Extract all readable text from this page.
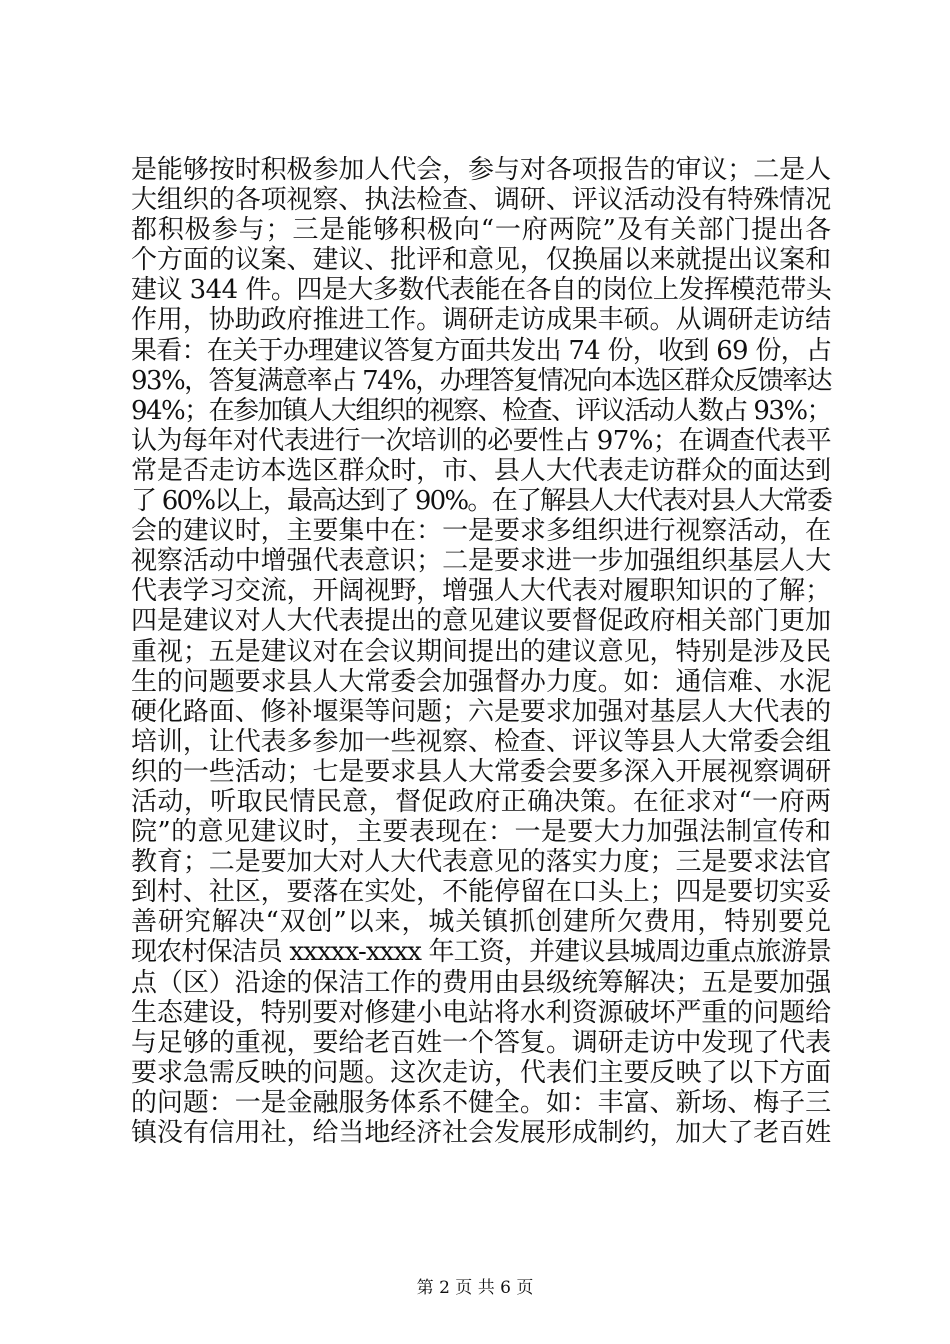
是能够按时积极参加人代会，参与对各项报告的审议；二是人
大组织的各项视察、执法检查、调研、评议活动没有特殊情况
都积极参与；三是能够积极向“一府两院”及有关部门提出各
个方面的议案、建议、批评和意见，仅换届以来就提出议案和
建议 344 件。四是大多数代表能在各自的岗位上发挥模范带头
作用，协助政府推进工作。调研走访成果丰硕。从调研走访结
果看：在关于办理建议答复方面共发出 74 份，收到 69 份，占
93%，答复满意率占 74%，办理答复情况向本选区群众反馈率达
94%；在参加镇人大组织的视察、检查、评议活动人数占 93%；
认为每年对代表进行一次培训的必要性占 97%；在调查代表平
常是否走访本选区群众时，市、县人大代表走访群众的面达到
了 60%以上，最高达到了 90%。在了解县人大代表对县人大常委
会的建议时，主要集中在：一是要求多组织进行视察活动，在
视察活动中增强代表意识；二是要求进一步加强组织基层人大
代表学习交流，开阔视野，增强人大代表对履职知识的了解；
四是建议对人大代表提出的意见建议要督促政府相关部门更加
重视；五是建议对在会议期间提出的建议意见，特别是涉及民
生的问题要求县人大常委会加强督办力度。如：通信难、水泥
硬化路面、修补堰渠等问题；六是要求加强对基层人大代表的
培训，让代表多参加一些视察、检查、评议等县人大常委会组
织的一些活动；七是要求县人大常委会要多深入开展视察调研
活动，听取民情民意，督促政府正确决策。在征求对“一府两
院”的意见建议时，主要表现在：一是要大力加强法制宣传和
教育；二是要加大对人大代表意见的落实力度；三是要求法官
到村、社区，要落在实处，不能停留在口头上；四是要切实妥
善研究解决“双创”以来，城关镇抓创建所欠费用，特别要兑
现农村保洁员 xxxxx-xxxx 年工资，并建议县城周边重点旅游景
点（区）沿途的保洁工作的费用由县级统筹解决；五是要加强
生态建设，特别要对修建小电站将水利资源破坏严重的问题给
与足够的重视，要给老百姓一个答复。调研走访中发现了代表
要求急需反映的问题。这次走访，代表们主要反映了以下方面
的问题：一是金融服务体系不健全。如：丰富、新场、梅子三
镇没有信用社，给当地经济社会发展形成制约，加大了老百姓
第 2 页 共 6 页
